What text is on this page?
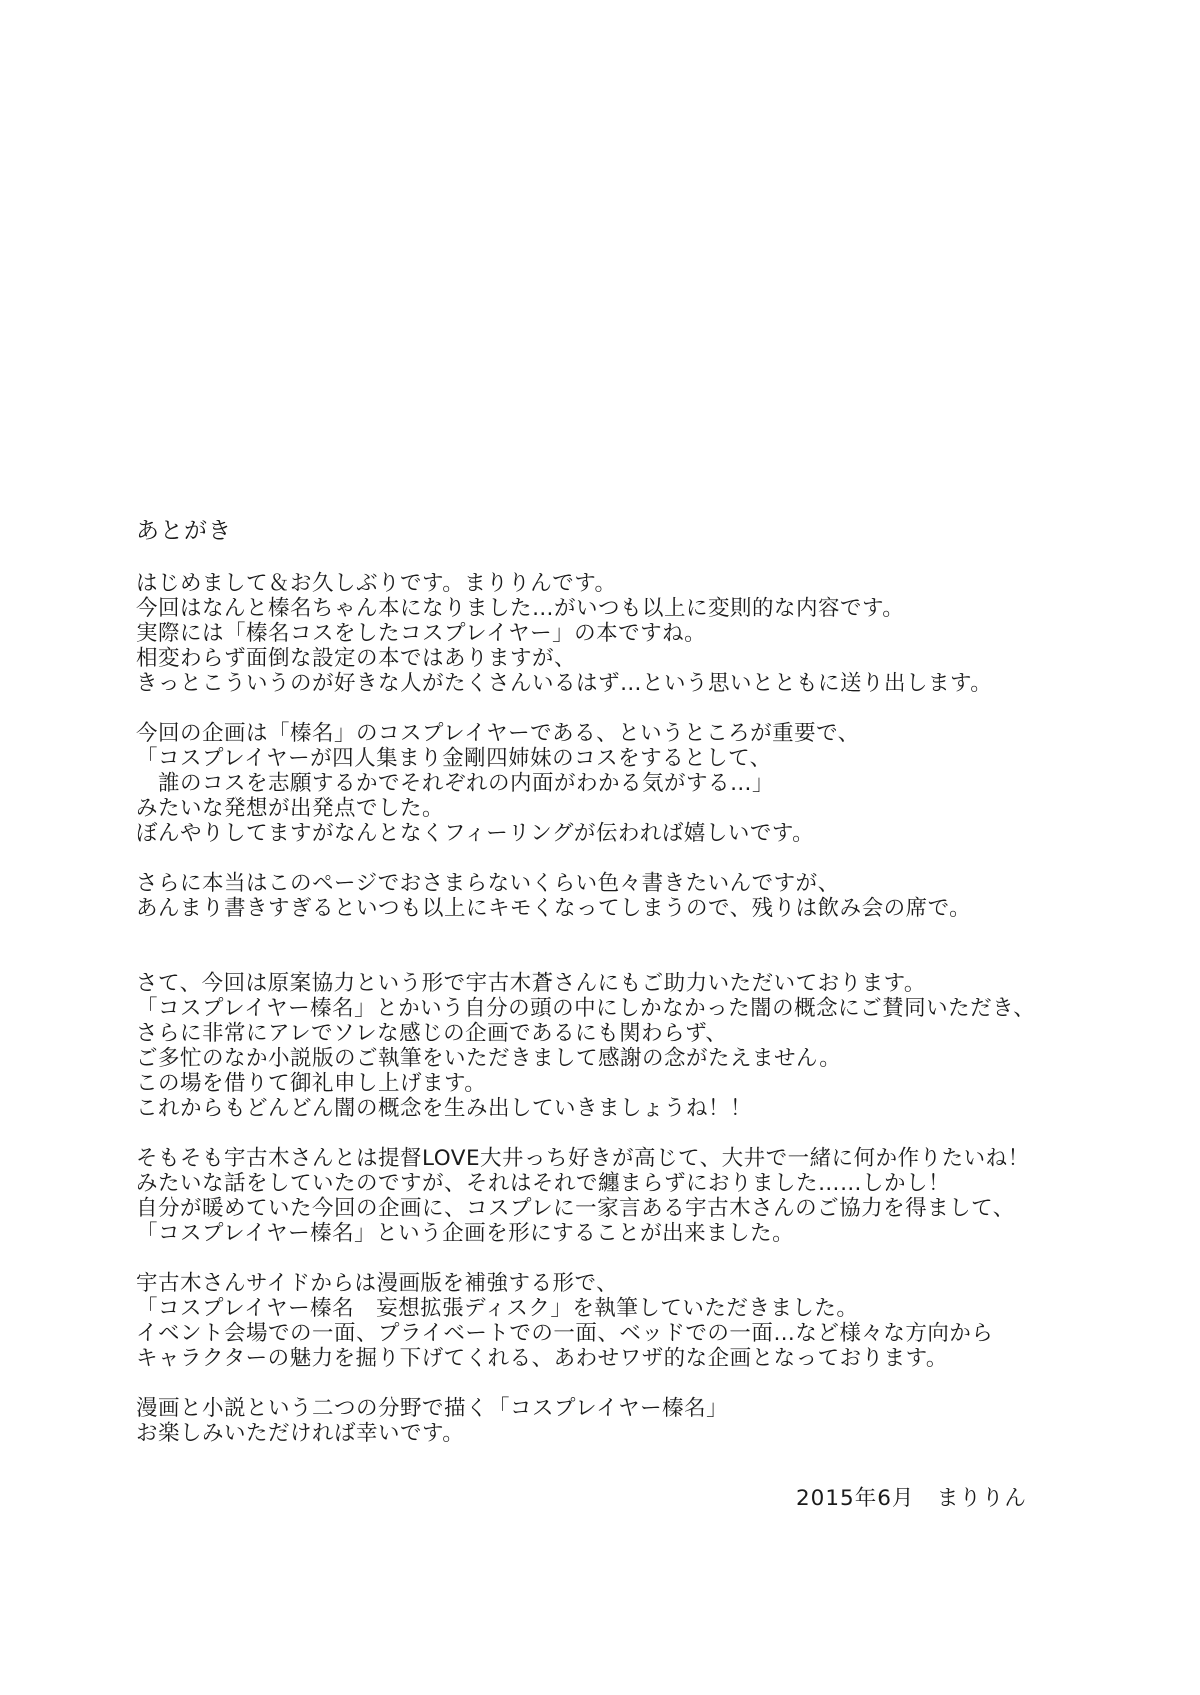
あとがき
はじめまして＆お久しぶりです。まりりんです。
今回はなんと榛名ちゃん本になりました…がいつも以上に変則的な内容です。
実際には「榛名コスをしたコスプレイヤー」の本ですね。
相変わらず面倒な設定の本ではありますが、
きっとこういうのが好きな人がたくさんいるはず…という思いとともに送り出します。
今回の企画は「榛名」のコスプレイヤーである、というところが重要で、
「コスプレイヤーが四人集まり金剛四姉妹のコスをするとして、
　誰のコスを志願するかでそれぞれの内面がわかる気がする…」
みたいな発想が出発点でした。
ぼんやりしてますがなんとなくフィーリングが伝われば嬉しいです。
さらに本当はこのページでおさまらないくらい色々書きたいんですが、
あんまり書きすぎるといつも以上にキモくなってしまうので、残りは飲み会の席で。
さて、今回は原案協力という形で宇古木蒼さんにもご助力いただいております。
「コスプレイヤー榛名」とかいう自分の頭の中にしかなかった闇の概念にご賛同いただき、
さらに非常にアレでソレな感じの企画であるにも関わらず、
ご多忙のなか小説版のご執筆をいただきまして感謝の念がたえません。
この場を借りて御礼申し上げます。
これからもどんどん闇の概念を生み出していきましょうね！！
そもそも宇古木さんとは提督LOVE大井っち好きが高じて、大井で一緒に何か作りたいね！
みたいな話をしていたのですが、それはそれで纏まらずにおりました……しかし！
自分が暖めていた今回の企画に、コスプレに一家言ある宇古木さんのご協力を得まして、
「コスプレイヤー榛名」という企画を形にすることが出来ました。
宇古木さんサイドからは漫画版を補強する形で、
「コスプレイヤー榛名　妄想拡張ディスク」を執筆していただきました。
イベント会場での一面、プライベートでの一面、ベッドでの一面…など様々な方向から
キャラクターの魅力を掘り下げてくれる、あわせワザ的な企画となっております。
漫画と小説という二つの分野で描く「コスプレイヤー榛名」
お楽しみいただければ幸いです。
2015年6月　まりりん
